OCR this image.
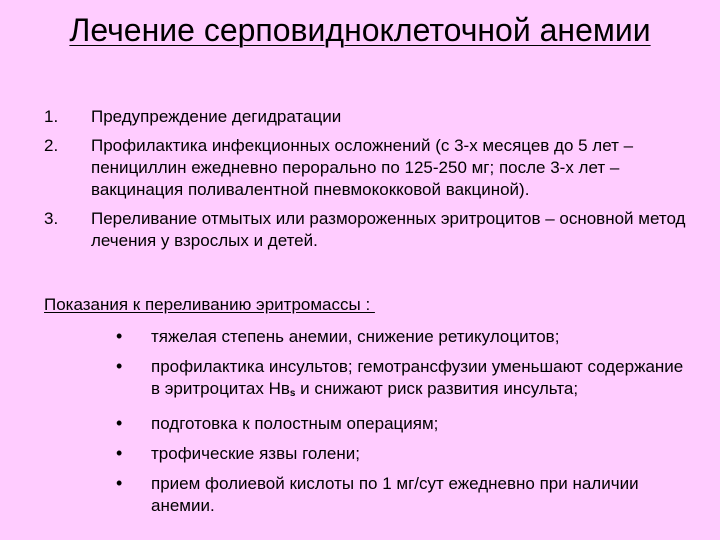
Лечение серповидноклеточной анемии
1. Предупреждение дегидратации
2. Профилактика инфекционных осложнений (с 3-х месяцев до 5 лет – пенициллин ежедневно перорально по 125-250 мг; после 3-х лет – вакцинация поливалентной пневмококковой вакциной).
3. Переливание отмытых или размороженных эритроцитов – основной метод лечения у взрослых и детей.
Показания к переливанию эритромассы :
• тяжелая степень анемии, снижение ретикулоцитов;
• профилактика инсультов; гемотрансфузии уменьшают содержание в эритроцитах $Нв_s$ и снижают риск развития инсульта;
• подготовка к полостным операциям;
• трофические язвы голени;
• прием фолиевой кислоты по 1 мг/сут ежедневно при наличии анемии.
